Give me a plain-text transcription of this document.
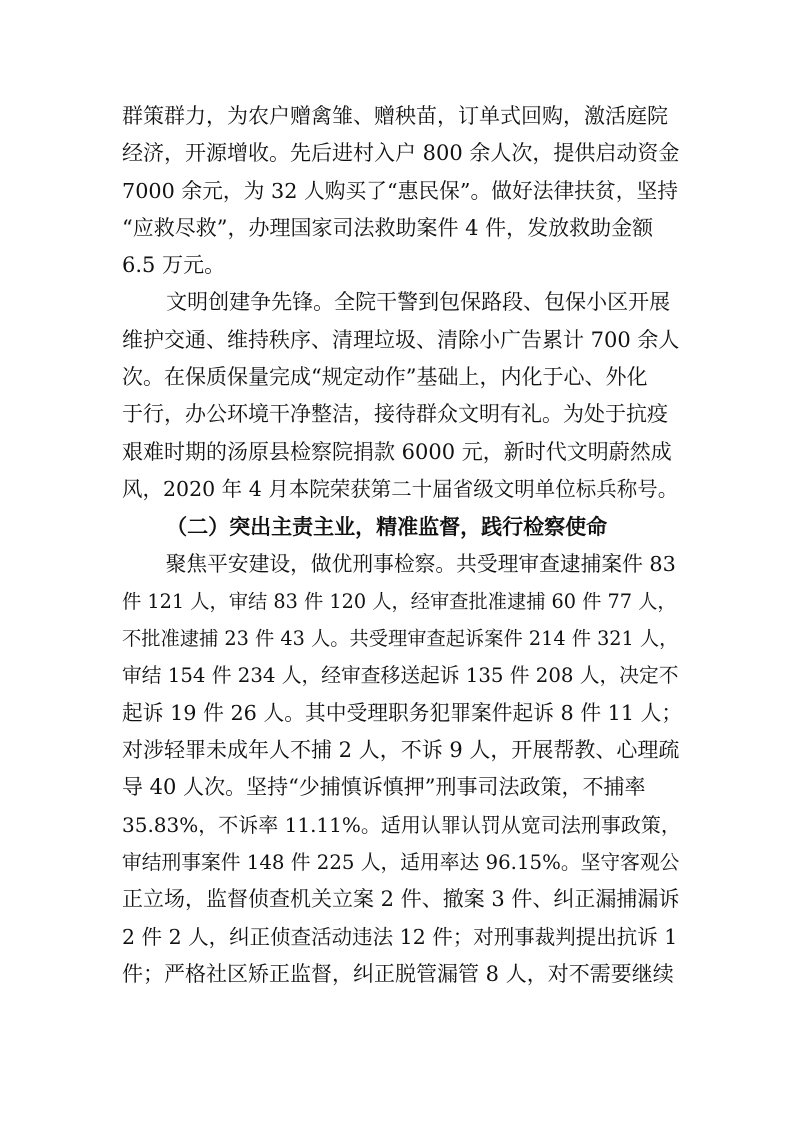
群策群力，为农户赠禽雏、赠秧苗，订单式回购，激活庭院
经济，开源增收。先后进村入户 800 余人次，提供启动资金
7000 余元，为 32 人购买了“惠民保”。做好法律扶贫，坚持
“应救尽救”，办理国家司法救助案件 4 件，发放救助金额
6.5 万元。
文明创建争先锋。全院干警到包保路段、包保小区开展
维护交通、维持秩序、清理垃圾、清除小广告累计 700 余人
次。在保质保量完成“规定动作”基础上，内化于心、外化
于行，办公环境干净整洁，接待群众文明有礼。为处于抗疫
艰难时期的汤原县检察院捐款 6000 元，新时代文明蔚然成
风，2020 年 4 月本院荣获第二十届省级文明单位标兵称号。
（二）突出主责主业，精准监督，践行检察使命
聚焦平安建设，做优刑事检察。共受理审查逮捕案件 83
件 121 人，审结 83 件 120 人，经审查批准逮捕 60 件 77 人，
不批准逮捕 23 件 43 人。共受理审查起诉案件 214 件 321 人，
审结 154 件 234 人，经审查移送起诉 135 件 208 人，决定不
起诉 19 件 26 人。其中受理职务犯罪案件起诉 8 件 11 人；
对涉轻罪未成年人不捕 2 人，不诉 9 人，开展帮教、心理疏
导 40 人次。坚持“少捕慎诉慎押”刑事司法政策，不捕率
35.83%，不诉率 11.11%。适用认罪认罚从宽司法刑事政策，
审结刑事案件 148 件 225 人，适用率达 96.15%。坚守客观公
正立场，监督侦查机关立案 2 件、撤案 3 件、纠正漏捕漏诉
2 件 2 人，纠正侦查活动违法 12 件；对刑事裁判提出抗诉 1
件；严格社区矫正监督，纠正脱管漏管 8 人，对不需要继续
